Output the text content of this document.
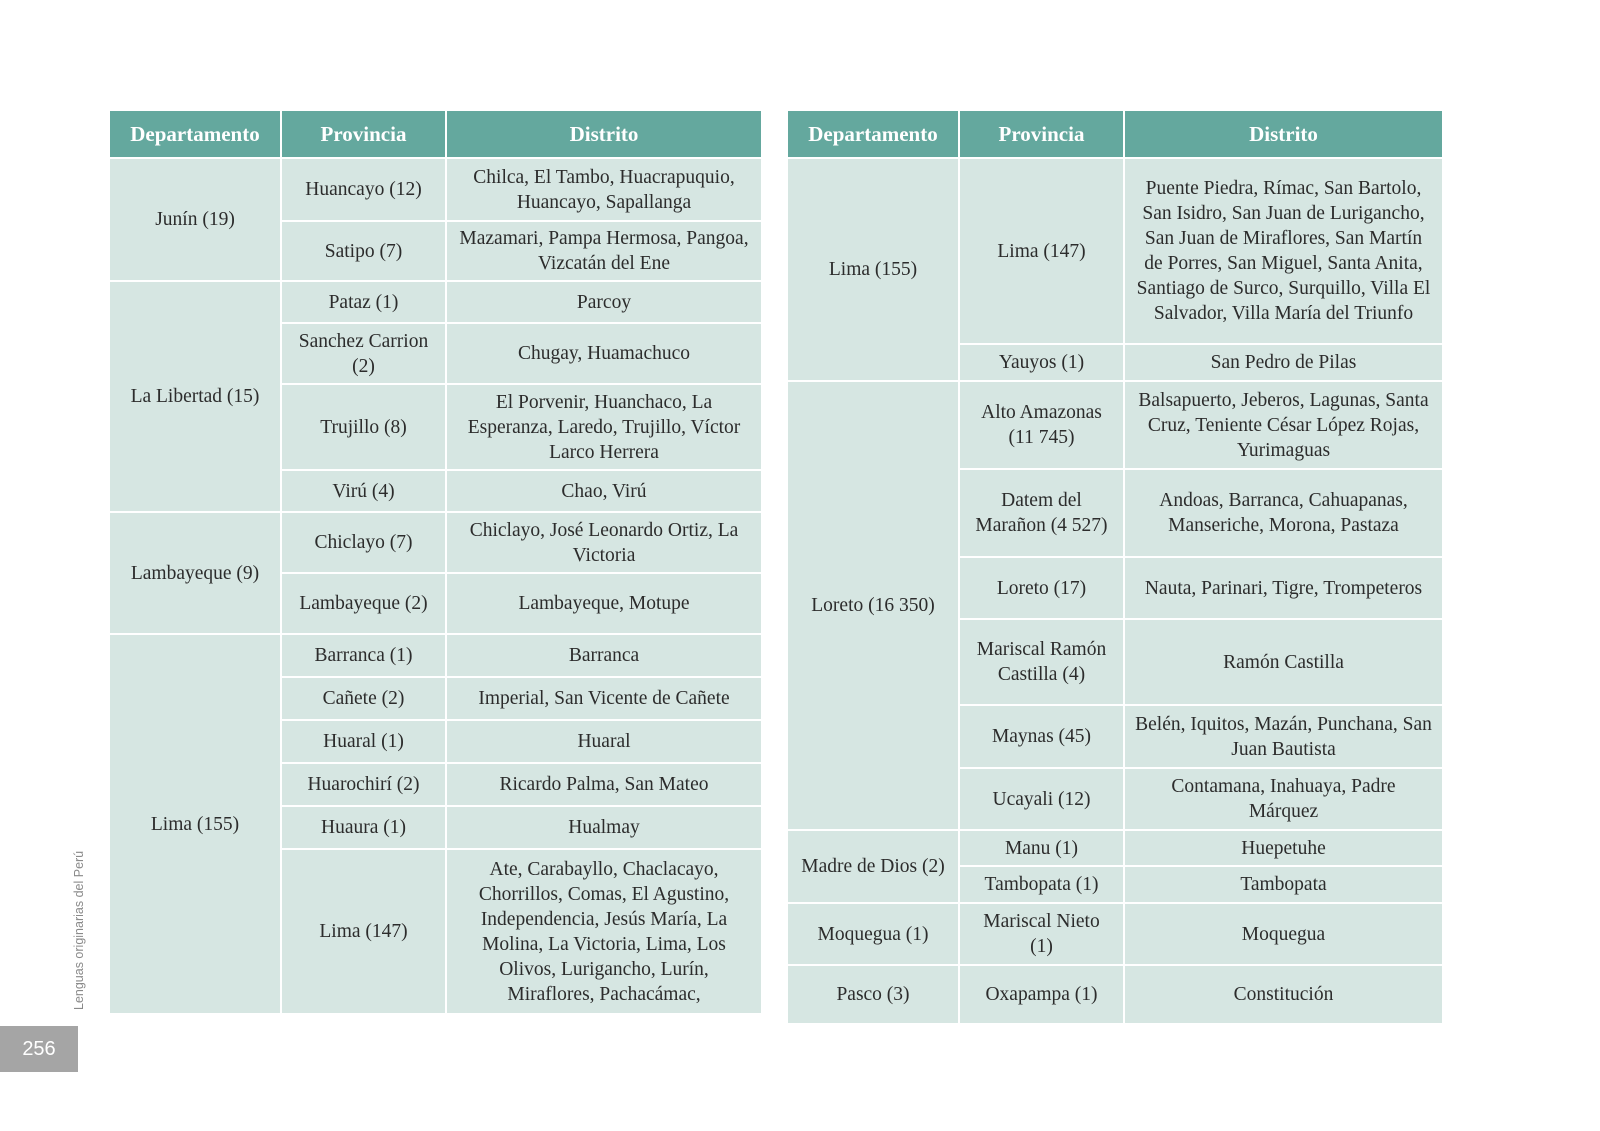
Departamento	Provincia	Distrito
Junín (19)	Huancayo (12)	Chilca, El Tambo, Huacrapuquio, Huancayo, Sapallanga
	Satipo (7)	Mazamari, Pampa Hermosa, Pangoa, Vizcatán del Ene
La Libertad (15)	Pataz (1)	Parcoy
	Sanchez Carrion (2)	Chugay, Huamachuco
	Trujillo (8)	El Porvenir, Huanchaco, La Esperanza, Laredo, Trujillo, Víctor Larco Herrera
	Virú (4)	Chao, Virú
Lambayeque (9)	Chiclayo (7)	Chiclayo, José Leonardo Ortiz, La Victoria
	Lambayeque (2)	Lambayeque, Motupe
Lima (155)	Barranca (1)	Barranca
	Cañete (2)	Imperial, San Vicente de Cañete
	Huaral (1)	Huaral
	Huarochirí (2)	Ricardo Palma, San Mateo
	Huaura (1)	Hualmay
	Lima (147)	Ate, Carabayllo, Chaclacayo, Chorrillos, Comas, El Agustino, Independencia, Jesús María, La Molina, La Victoria, Lima, Los Olivos, Lurigancho, Lurín, Miraflores, Pachacámac,
Departamento	Provincia	Distrito
Lima (155)	Lima (147)	Puente Piedra, Rímac, San Bartolo, San Isidro, San Juan de Lurigancho, San Juan de Miraflores, San Martín de Porres, San Miguel, Santa Anita, Santiago de Surco, Surquillo, Villa El Salvador, Villa María del Triunfo
	Yauyos (1)	San Pedro de Pilas
Loreto (16 350)	Alto Amazonas (11 745)	Balsapuerto, Jeberos, Lagunas, Santa Cruz, Teniente César López Rojas, Yurimaguas
	Datem del Marañon (4 527)	Andoas, Barranca, Cahuapanas, Manseriche, Morona, Pastaza
	Loreto (17)	Nauta, Parinari, Tigre, Trompeteros
	Mariscal Ramón Castilla (4)	Ramón Castilla
	Maynas (45)	Belén, Iquitos, Mazán, Punchana, San Juan Bautista
	Ucayali (12)	Contamana, Inahuaya, Padre Márquez
Madre de Dios (2)	Manu (1)	Huepetuhe
	Tambopata (1)	Tambopata
Moquegua (1)	Mariscal Nieto (1)	Moquegua
Pasco (3)	Oxapampa (1)	Constitución
Lenguas originarias del Perú
256
